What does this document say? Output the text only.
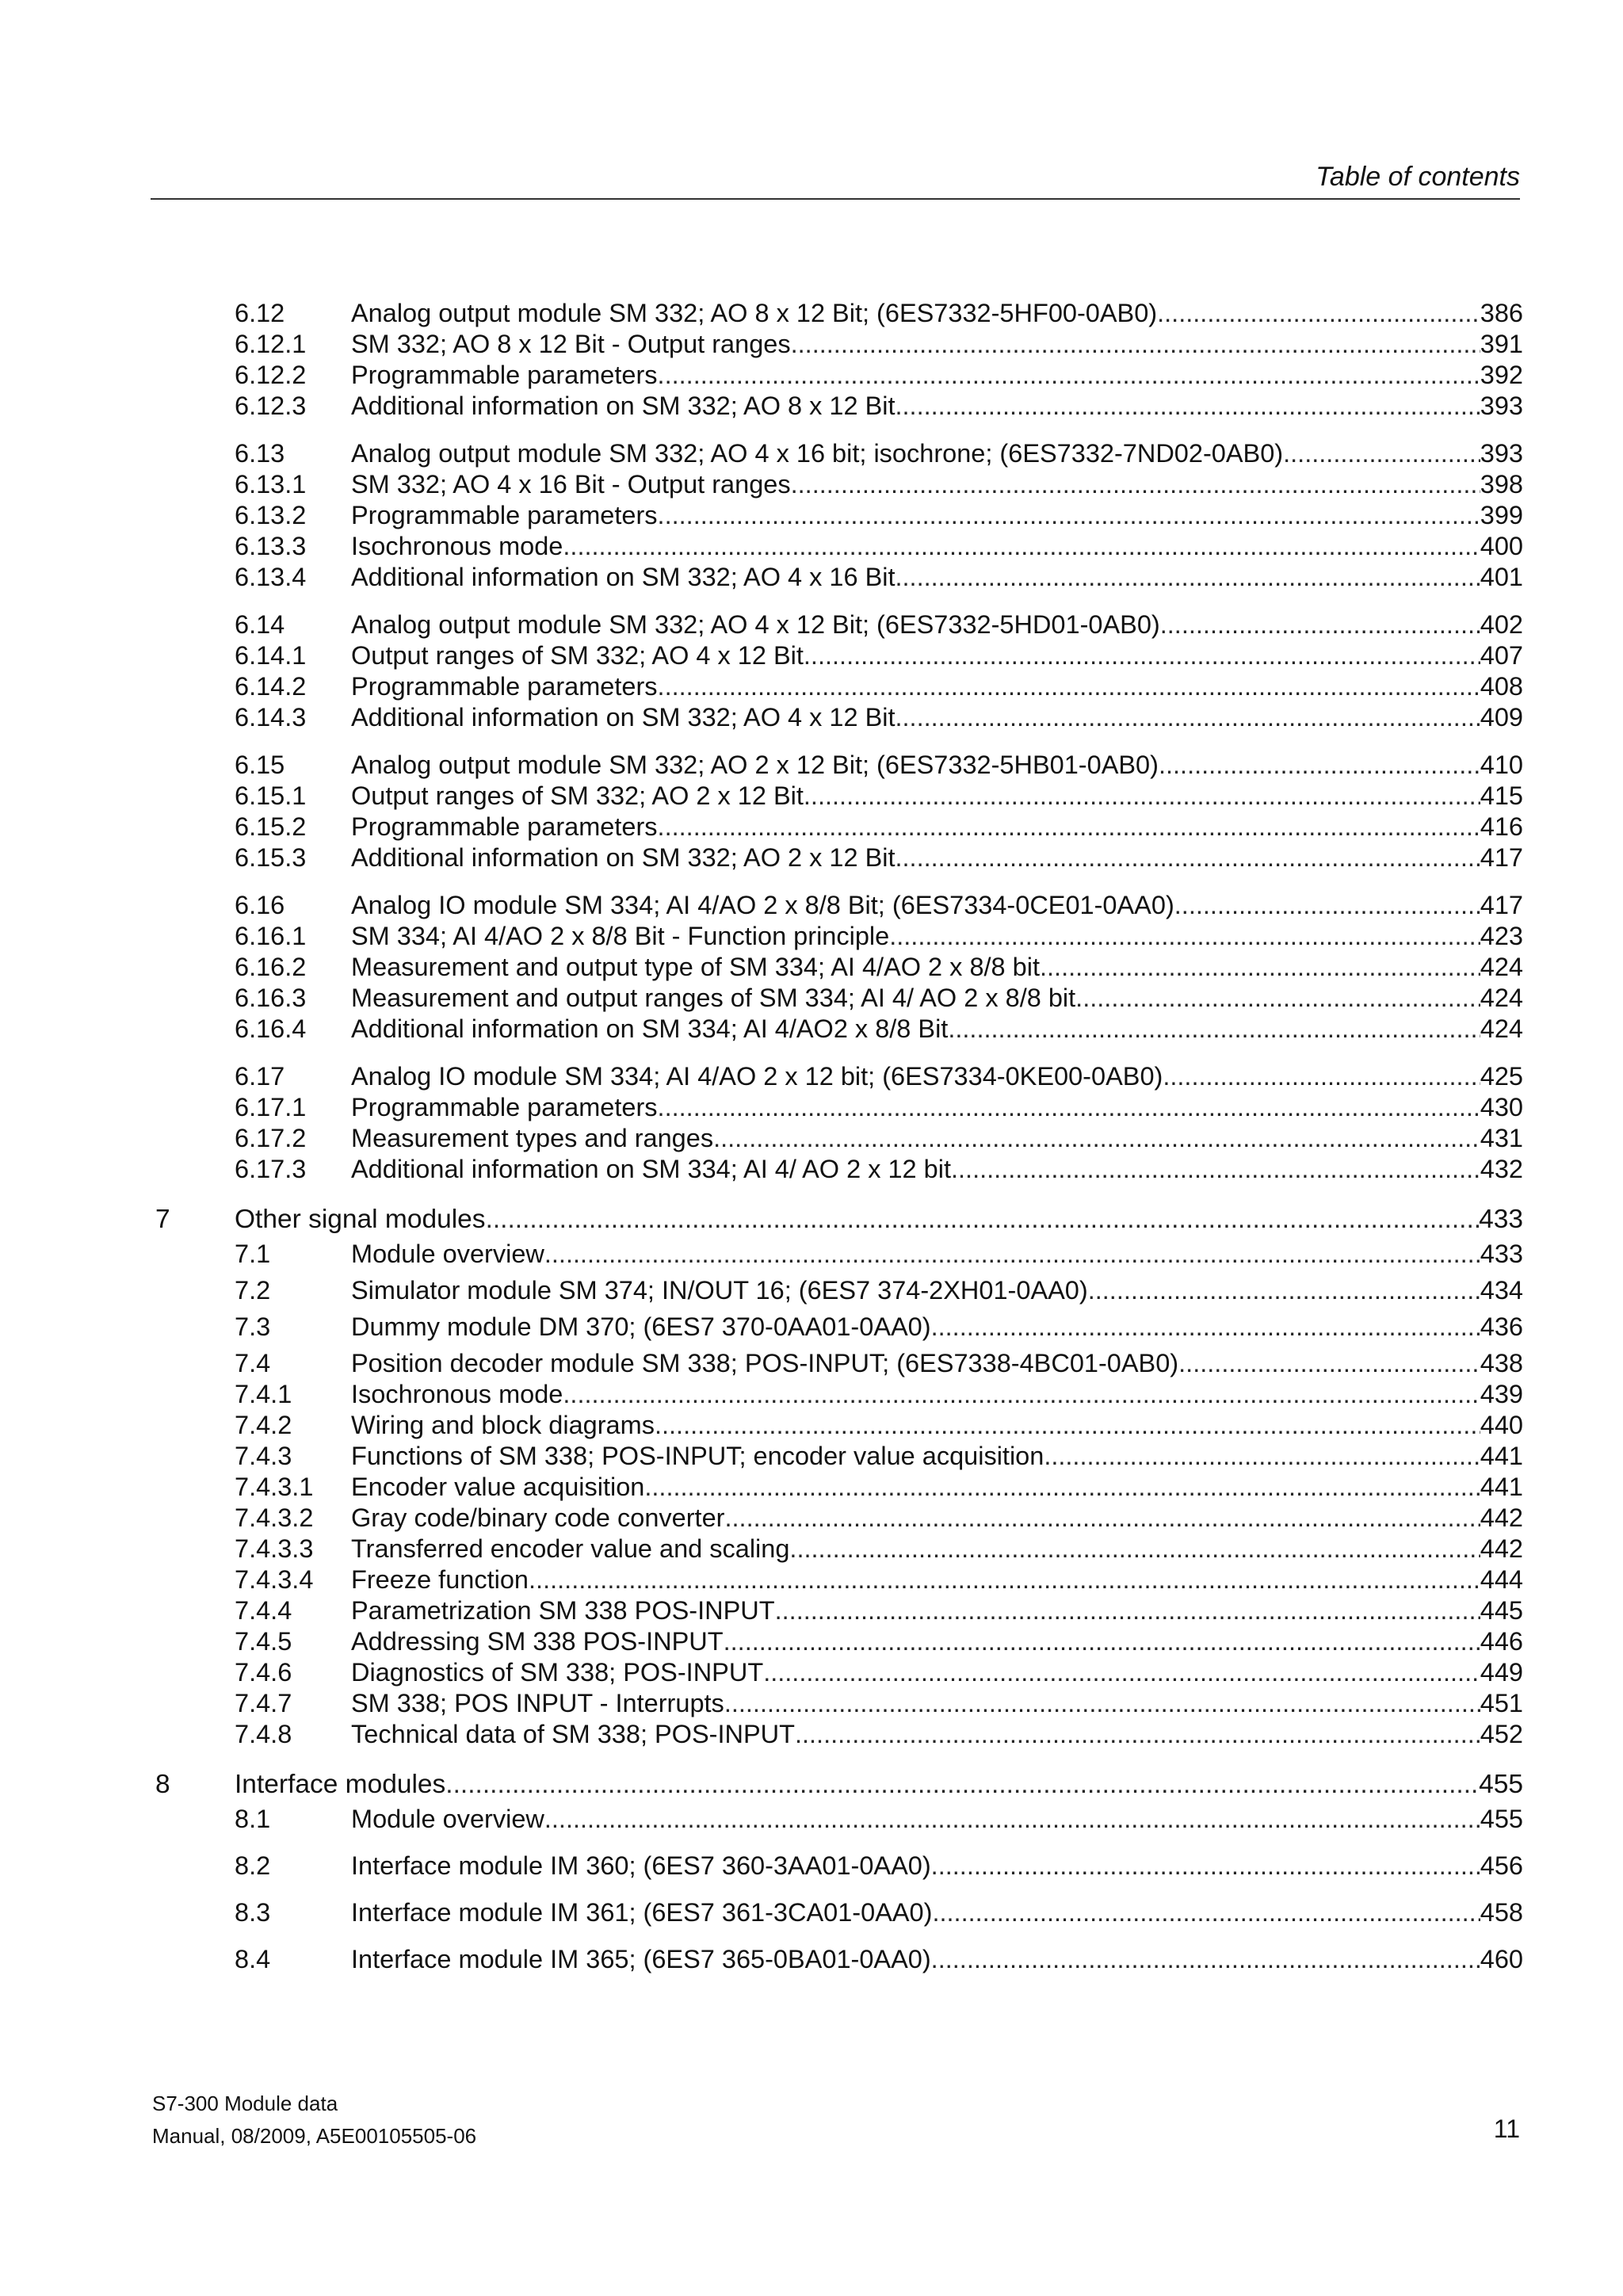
Table of contents
6.12	Analog output module SM 332; AO 8 x 12 Bit; (6ES7332-5HF00-0AB0) .....	386
6.12.1 SM 332; AO 8 x 12 Bit - Output ranges .....	391
6.12.2 Programmable parameters .....	392
6.12.3 Additional information on SM 332; AO 8 x 12 Bit .....	393
6.13	Analog output module SM 332; AO 4 x 16 bit; isochrone; (6ES7332-7ND02-0AB0) .....	393
6.13.1 SM 332; AO 4 x 16 Bit - Output ranges .....	398
6.13.2 Programmable parameters .....	399
6.13.3 Isochronous mode .....	400
6.13.4 Additional information on SM 332; AO 4 x 16 Bit .....	401
6.14	Analog output module SM 332; AO 4 x 12 Bit; (6ES7332-5HD01-0AB0) .....	402
6.14.1 Output ranges of SM 332; AO 4 x 12 Bit .....	407
6.14.2 Programmable parameters .....	408
6.14.3 Additional information on SM 332; AO 4 x 12 Bit .....	409
6.15	Analog output module SM 332; AO 2 x 12 Bit; (6ES7332-5HB01-0AB0) .....	410
6.15.1 Output ranges of SM 332; AO 2 x 12 Bit .....	415
6.15.2 Programmable parameters .....	416
6.15.3 Additional information on SM 332; AO 2 x 12 Bit .....	417
6.16	Analog IO module SM 334; AI 4/AO 2 x 8/8 Bit; (6ES7334-0CE01-0AA0) .....	417
6.16.1 SM 334; AI 4/AO 2 x 8/8 Bit - Function principle .....	423
6.16.2 Measurement and output type of SM 334; AI 4/AO 2 x 8/8 bit .....	424
6.16.3 Measurement and output ranges of SM 334; AI 4/ AO 2 x 8/8 bit .....	424
6.16.4 Additional information on SM 334; AI 4/AO2 x 8/8 Bit .....	424
6.17	Analog IO module SM 334; AI 4/AO 2 x 12 bit; (6ES7334-0KE00-0AB0) .....	425
6.17.1 Programmable parameters .....	430
6.17.2 Measurement types and ranges .....	431
6.17.3 Additional information on SM 334; AI 4/ AO 2 x 12 bit .....	432
7 Other signal modules .....	433
7.1	Module overview .....	433
7.2	Simulator module SM 374; IN/OUT 16; (6ES7 374-2XH01-0AA0) .....	434
7.3	Dummy module DM 370; (6ES7 370-0AA01-0AA0) .....	436
7.4	Position decoder module SM 338; POS-INPUT; (6ES7338-4BC01-0AB0) .....	438
7.4.1 Isochronous mode .....	439
7.4.2 Wiring and block diagrams .....	440
7.4.3 Functions of SM 338; POS-INPUT; encoder value acquisition .....	441
7.4.3.1 Encoder value acquisition .....	441
7.4.3.2 Gray code/binary code converter .....	442
7.4.3.3 Transferred encoder value and scaling .....	442
7.4.3.4 Freeze function .....	444
7.4.4 Parametrization SM 338 POS-INPUT .....	445
7.4.5 Addressing SM 338 POS-INPUT .....	446
7.4.6 Diagnostics of SM 338; POS-INPUT .....	449
7.4.7 SM 338; POS INPUT - Interrupts .....	451
7.4.8 Technical data of SM 338; POS-INPUT .....	452
8 Interface modules .....	455
8.1	Module overview .....	455
8.2	Interface module IM 360; (6ES7 360-3AA01-0AA0) .....	456
8.3	Interface module IM 361; (6ES7 361-3CA01-0AA0) .....	458
8.4	Interface module IM 365; (6ES7 365-0BA01-0AA0) .....	460
S7-300 Module data
Manual, 08/2009, A5E00105505-06	11
